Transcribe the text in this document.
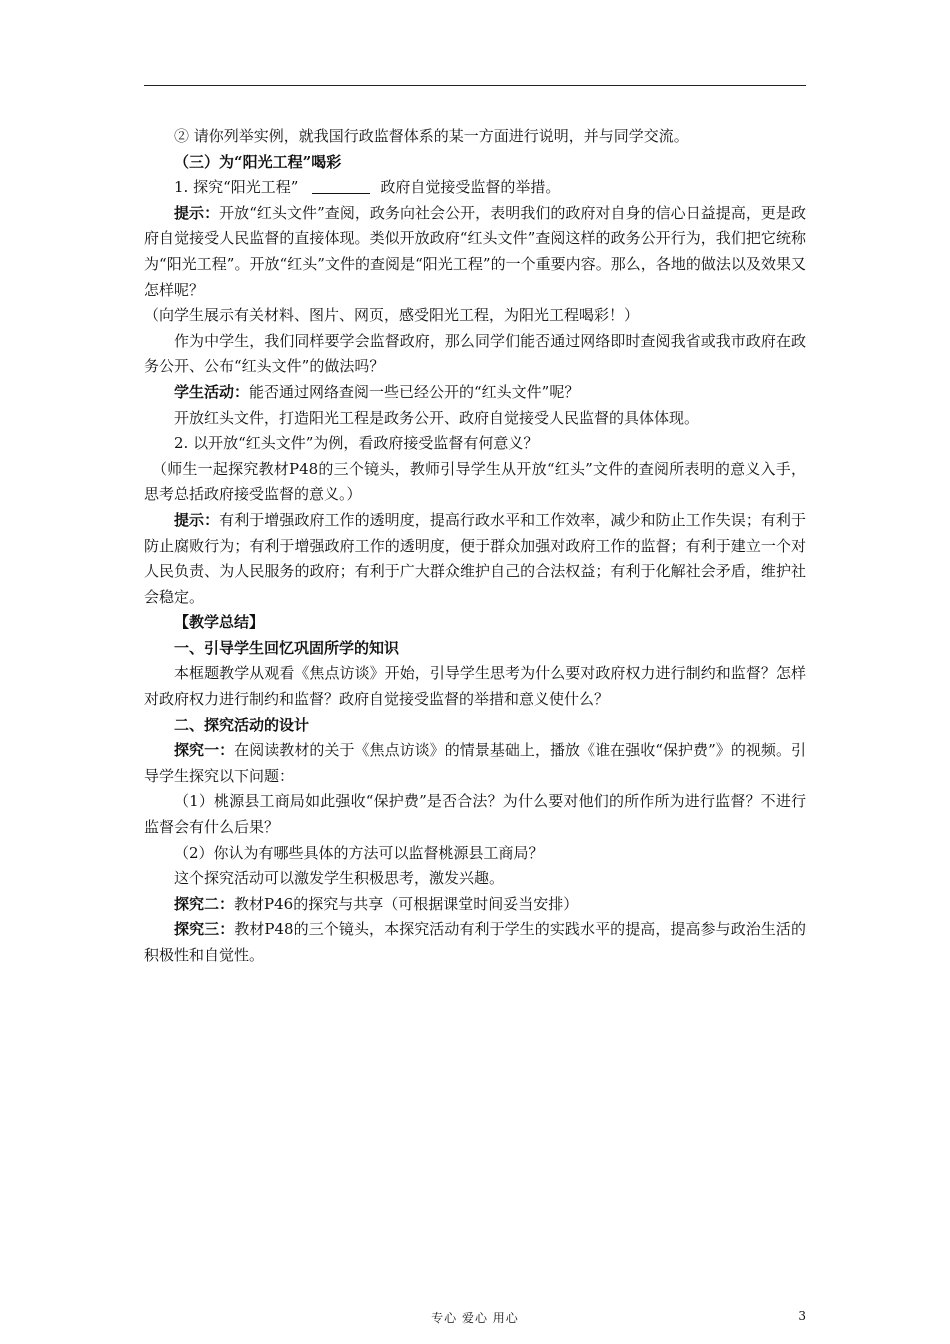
② 请你列举实例，就我国行政监督体系的某一方面进行说明，并与同学交流。

（三）为“阳光工程”喝彩

1. 探究“阳光工程”	政府自觉接受监督的举措。

提示：开放“红头文件”查阅，政务向社会公开，表明我们的政府对自身的信心日益提高，更是政府自觉接受人民监督的直接体现。类似开放政府“红头文件”查阅这样的政务公开行为，我们把它统称为“阳光工程”。开放“红头”文件的查阅是“阳光工程”的一个重要内容。那么，各地的做法以及效果又怎样呢？

（向学生展示有关材料、图片、网页，感受阳光工程，为阳光工程喝彩！）

作为中学生，我们同样要学会监督政府，那么同学们能否通过网络即时查阅我省或我市政府在政务公开、公布“红头文件”的做法吗？

学生活动：能否通过网络查阅一些已经公开的“红头文件”呢？

开放红头文件，打造阳光工程是政务公开、政府自觉接受人民监督的具体体现。

2. 以开放“红头文件”为例，看政府接受监督有何意义？

（师生一起探究教材P48的三个镜头，教师引导学生从开放“红头”文件的查阅所表明的意义入手，思考总括政府接受监督的意义。）

提示：有利于增强政府工作的透明度，提高行政水平和工作效率，减少和防止工作失误；有利于防止腐败行为；有利于增强政府工作的透明度，便于群众加强对政府工作的监督；有利于建立一个对人民负责、为人民服务的政府；有利于广大群众维护自己的合法权益；有利于化解社会矛盾，维护社会稳定。

【教学总结】

一、引导学生回忆巩固所学的知识

本框题教学从观看《焦点访谈》开始，引导学生思考为什么要对政府权力进行制约和监督？怎样对政府权力进行制约和监督？政府自觉接受监督的举措和意义使什么？

二、探究活动的设计

探究一：在阅读教材的关于《焦点访谈》的情景基础上，播放《谁在强收“保护费”》的视频。引导学生探究以下问题：

（1）桃源县工商局如此强收“保护费”是否合法？为什么要对他们的所作所为进行监督？不进行监督会有什么后果？

（2）你认为有哪些具体的方法可以监督桃源县工商局？

这个探究活动可以激发学生积极思考，激发兴趣。

探究二：教材P46的探究与共享（可根据课堂时间妥当安排）

探究三：教材P48的三个镜头，本探究活动有利于学生的实践水平的提高，提高参与政治生活的积极性和自觉性。

专心 爱心 用心	3
